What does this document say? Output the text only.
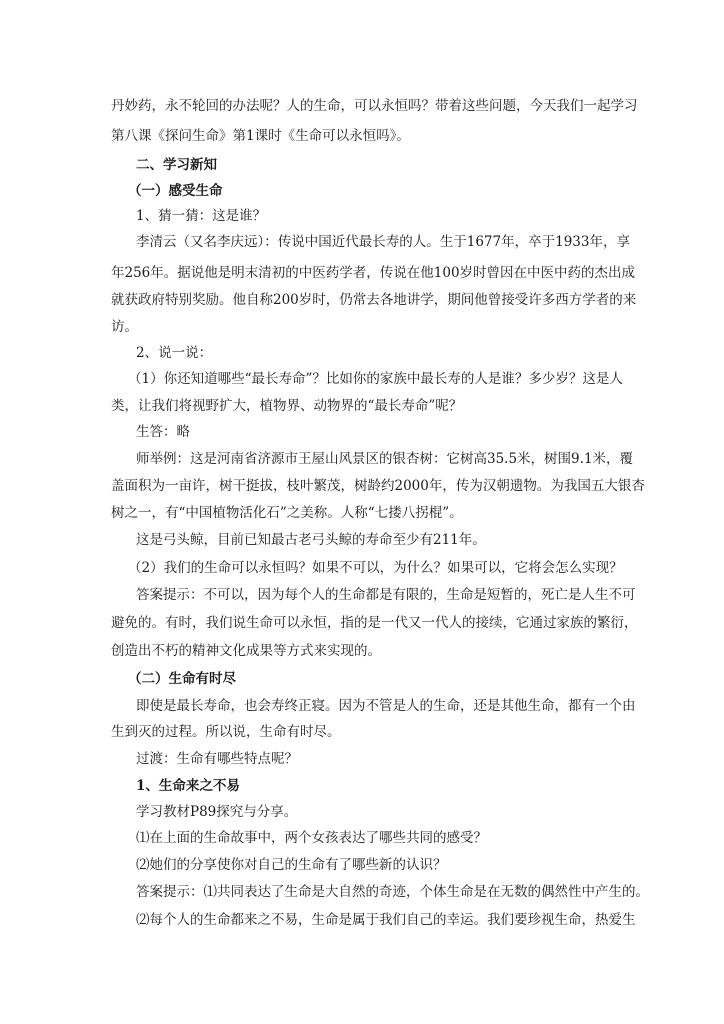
丹妙药，永不轮回的办法呢？人的生命，可以永恒吗？带着这些问题，今天我们一起学习
第八课《探问生命》第1课时《生命可以永恒吗》。
二、学习新知
（一）感受生命
1、猜一猜：这是谁？
李清云（又名李庆远）：传说中国近代最长寿的人。生于1677年，卒于1933年，享
年256年。据说他是明末清初的中医药学者，传说在他100岁时曾因在中医中药的杰出成
就获政府特别奖励。他自称200岁时，仍常去各地讲学，期间他曾接受许多西方学者的来
访。
2、说一说：
（1）你还知道哪些“最长寿命”？比如你的家族中最长寿的人是谁？多少岁？这是人
类，让我们将视野扩大，植物界、动物界的“最长寿命”呢？
生答：略
师举例：这是河南省济源市王屋山风景区的银杏树：它树高35.5米，树围9.1米，覆
盖面积为一亩许，树干挺拔，枝叶繁茂，树龄约2000年，传为汉朝遗物。为我国五大银杏
树之一，有“中国植物活化石”之美称。人称“七搂八拐棍”。
这是弓头鲸，目前已知最古老弓头鲸的寿命至少有211年。
（2）我们的生命可以永恒吗？如果不可以，为什么？如果可以，它将会怎么实现？
答案提示：不可以，因为每个人的生命都是有限的，生命是短暂的，死亡是人生不可
避免的。有时，我们说生命可以永恒，指的是一代又一代人的接续，它通过家族的繁衍，
创造出不朽的精神文化成果等方式来实现的。
（二）生命有时尽
即使是最长寿命，也会寿终正寝。因为不管是人的生命，还是其他生命，都有一个由
生到灭的过程。所以说，生命有时尽。
过渡：生命有哪些特点呢？
1、生命来之不易
学习教材P89探究与分享。
⑴在上面的生命故事中，两个女孩表达了哪些共同的感受？
⑵她们的分享使你对自己的生命有了哪些新的认识？
答案提示：⑴共同表达了生命是大自然的奇迹，个体生命是在无数的偶然性中产生的。
⑵每个人的生命都来之不易，生命是属于我们自己的幸运。我们要珍视生命，热爱生
